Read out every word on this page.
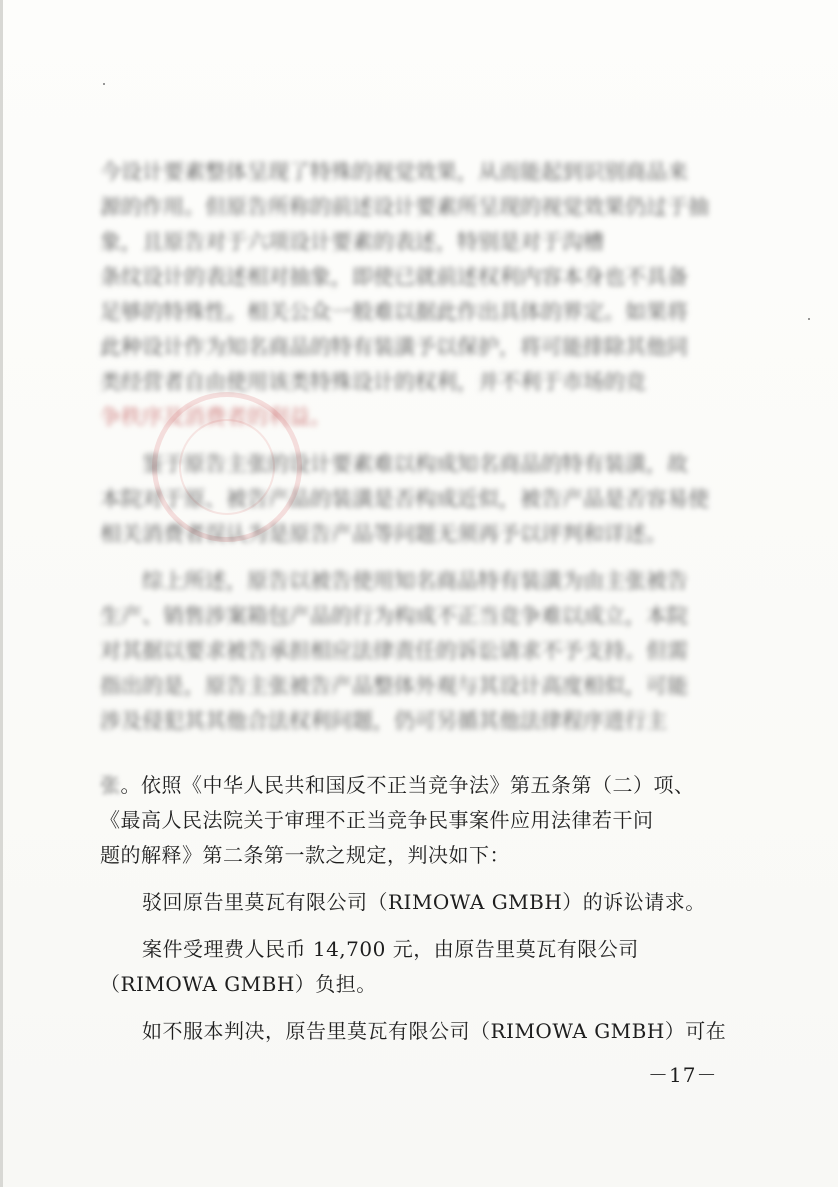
今设计要素整体呈现了特殊的视觉效果，从而能起到识别商品来
源的作用。但原告所称的前述设计要素所呈现的视觉效果仍过于抽
象，且原告对于六项设计要素的表述，特别是对于沟槽
条纹设计的表述相对抽象，即使已就前述权利内容本身也不具备
足够的特殊性。相关公众一般难以据此作出具体的界定。如果将
此种设计作为知名商品的特有装潢予以保护，将可能排除其他同
类经营者自由使用该类特殊设计的权利，并不利于市场的竞
争秩序及消费者的利益。
鉴于原告主张的设计要素难以构成知名商品的特有装潢，故
本院对于原、被告产品的装潢是否构成近似，被告产品是否容易使
相关消费者误认为是原告产品等问题无须再予以评判和详述。
综上所述，原告以被告使用知名商品特有装潢为由主张被告
生产、销售涉案箱包产品的行为构成不正当竞争难以成立，本院
对其据以要求被告承担相应法律责任的诉讼请求不予支持。但需
指出的是，原告主张被告产品整体外观与其设计高度相似，可能
涉及侵犯其其他合法权利问题，仍可另循其他法律程序进行主
张。依照《中华人民共和国反不正当竞争法》第五条第（二）项、
《最高人民法院关于审理不正当竞争民事案件应用法律若干问
题的解释》第二条第一款之规定，判决如下：
驳回原告里莫瓦有限公司（RIMOWA GMBH）的诉讼请求。
案件受理费人民币 14,700 元，由原告里莫瓦有限公司
（RIMOWA GMBH）负担。
如不服本判决，原告里莫瓦有限公司（RIMOWA GMBH）可在
－17－
